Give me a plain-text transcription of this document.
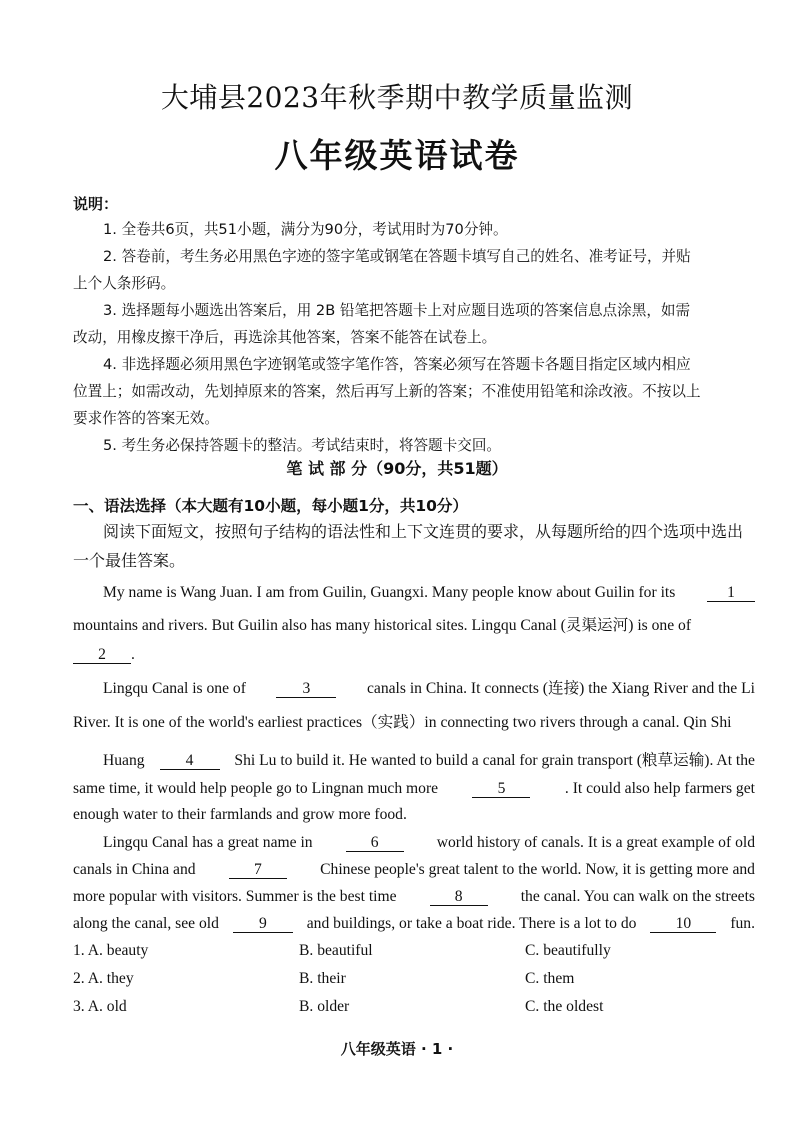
大埔县2023年秋季期中教学质量监测
八年级英语试卷
说明：
1. 全卷共6页，共51小题，满分为90分，考试用时为70分钟。
2. 答卷前，考生务必用黑色字迹的签字笔或钢笔在答题卡填写自己的姓名、准考证号，并贴
上个人条形码。
3. 选择题每小题选出答案后，用 2B 铅笔把答题卡上对应题目选项的答案信息点涂黑，如需
改动，用橡皮擦干净后，再选涂其他答案，答案不能答在试卷上。
4. 非选择题必须用黑色字迹钢笔或签字笔作答，答案必须写在答题卡各题目指定区域内相应
位置上；如需改动，先划掉原来的答案，然后再写上新的答案；不准使用铅笔和涂改液。不按以上
要求作答的答案无效。
5. 考生务必保持答题卡的整洁。考试结束时，将答题卡交回。
笔 试 部 分（90分，共51题）
一、语法选择（本大题有10小题，每小题1分，共10分）
阅读下面短文，按照句子结构的语法性和上下文连贯的要求，从每题所给的四个选项中选出
一个最佳答案。
My name is Wang Juan. I am from Guilin, Guangxi. Many people know about Guilin for its	1
mountains and rivers. But Guilin also has many historical sites. Lingqu Canal (灵渠运河) is one of
2	.
Lingqu Canal is one of	3	canals in China. It connects (连接) the Xiang River and the Li
River. It is one of the world's earliest practices（实践）in connecting two rivers through a canal. Qin Shi
Huang	4	Shi Lu to build it. He wanted to build a canal for grain transport (粮草运输). At the
same time, it would help people go to Lingnan much more	5	. It could also help farmers get
enough water to their farmlands and grow more food.
Lingqu Canal has a great name in	6	world history of canals. It is a great example of old
canals in China and	7	Chinese people's great talent to the world. Now, it is getting more and
more popular with visitors. Summer is the best time	8	the canal. You can walk on the streets
along the canal, see old	9	and buildings, or take a boat ride. There is a lot to do	10	fun.
1. A. beauty	B. beautiful	C. beautifully
2. A. they	B. their	C. them
3. A. old	B. older	C. the oldest
八年级英语 · 1 ·
